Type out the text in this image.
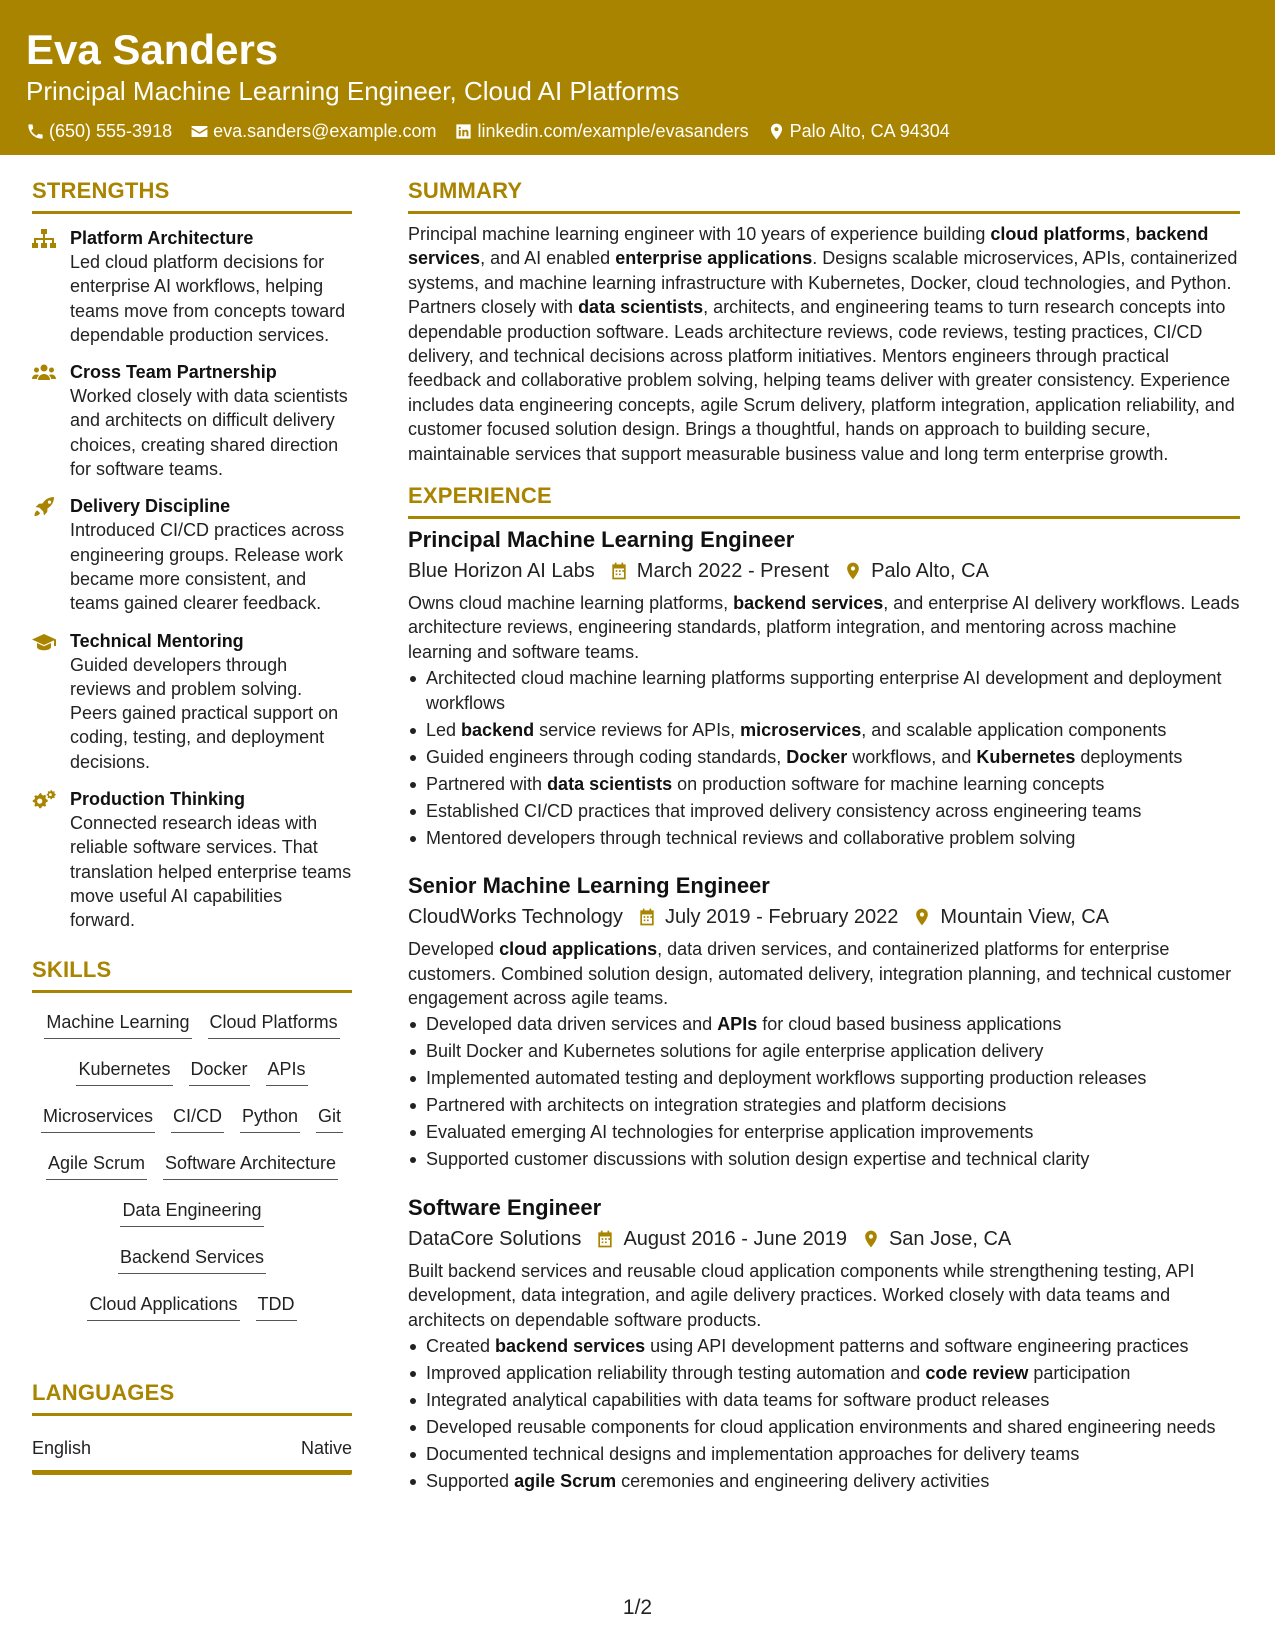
Eva Sanders
Principal Machine Learning Engineer, Cloud AI Platforms
(650) 555-3918 eva.sanders@example.com linkedin.com/example/evasanders Palo Alto, CA 94304
STRENGTHS
Platform Architecture
Led cloud platform decisions for enterprise AI workflows, helping teams move from concepts toward dependable production services.
Cross Team Partnership
Worked closely with data scientists and architects on difficult delivery choices, creating shared direction for software teams.
Delivery Discipline
Introduced CI/CD practices across engineering groups. Release work became more consistent, and teams gained clearer feedback.
Technical Mentoring
Guided developers through reviews and problem solving. Peers gained practical support on coding, testing, and deployment decisions.
Production Thinking
Connected research ideas with reliable software services. That translation helped enterprise teams move useful AI capabilities forward.
SKILLS
Machine Learning Cloud Platforms
Kubernetes Docker APIs
Microservices CI/CD Python Git
Agile Scrum Software Architecture
Data Engineering
Backend Services
Cloud Applications TDD
LANGUAGES
English	Native
SUMMARY
Principal machine learning engineer with 10 years of experience building cloud platforms, backend services, and AI enabled enterprise applications. Designs scalable microservices, APIs, containerized systems, and machine learning infrastructure with Kubernetes, Docker, cloud technologies, and Python. Partners closely with data scientists, architects, and engineering teams to turn research concepts into dependable production software. Leads architecture reviews, code reviews, testing practices, CI/CD delivery, and technical decisions across platform initiatives. Mentors engineers through practical feedback and collaborative problem solving, helping teams deliver with greater consistency. Experience includes data engineering concepts, agile Scrum delivery, platform integration, application reliability, and customer focused solution design. Brings a thoughtful, hands on approach to building secure, maintainable services that support measurable business value and long term enterprise growth.
EXPERIENCE
Principal Machine Learning Engineer
Blue Horizon AI Labs March 2022 - Present Palo Alto, CA
Owns cloud machine learning platforms, backend services, and enterprise AI delivery workflows. Leads architecture reviews, engineering standards, platform integration, and mentoring across machine learning and software teams.
Architected cloud machine learning platforms supporting enterprise AI development and deployment workflows
Led backend service reviews for APIs, microservices, and scalable application components
Guided engineers through coding standards, Docker workflows, and Kubernetes deployments
Partnered with data scientists on production software for machine learning concepts
Established CI/CD practices that improved delivery consistency across engineering teams
Mentored developers through technical reviews and collaborative problem solving
Senior Machine Learning Engineer
CloudWorks Technology July 2019 - February 2022 Mountain View, CA
Developed cloud applications, data driven services, and containerized platforms for enterprise customers. Combined solution design, automated delivery, integration planning, and technical customer engagement across agile teams.
Developed data driven services and APIs for cloud based business applications
Built Docker and Kubernetes solutions for agile enterprise application delivery
Implemented automated testing and deployment workflows supporting production releases
Partnered with architects on integration strategies and platform decisions
Evaluated emerging AI technologies for enterprise application improvements
Supported customer discussions with solution design expertise and technical clarity
Software Engineer
DataCore Solutions August 2016 - June 2019 San Jose, CA
Built backend services and reusable cloud application components while strengthening testing, API development, data integration, and agile delivery practices. Worked closely with data teams and architects on dependable software products.
Created backend services using API development patterns and software engineering practices
Improved application reliability through testing automation and code review participation
Integrated analytical capabilities with data teams for software product releases
Developed reusable components for cloud application environments and shared engineering needs
Documented technical designs and implementation approaches for delivery teams
Supported agile Scrum ceremonies and engineering delivery activities
1/2
